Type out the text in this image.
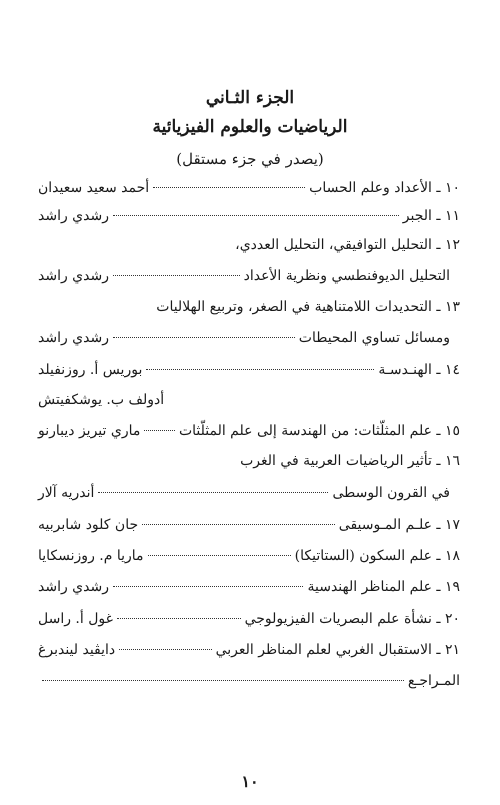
الجزء الثـاني
الرياضيات والعلوم الفيزيائية
(يصدر في جزء مستقل)
١٠ ـ الأعداد وعلم الحساب
أحمد سعيد سعيدان
١١ ـ الجبر
رشدي راشد
١٢ ـ التحليل التوافيقي، التحليل العددي،
التحليل الديوفنطسي ونظرية الأعداد
رشدي راشد
١٣ ـ التحديدات اللامتناهية في الصغر، وتربيع الهلاليات
ومسائل تساوي المحيطات
رشدي راشد
١٤ ـ الهنـدسـة
بوريس أ. روزنفيلد
أدولف ب. يوشكفيتش
١٥ ـ علم المثلّثات: من الهندسة إلى علم المثلّثات
ماري تيريز ديبارنو
١٦ ـ تأثير الرياضيات العربية في الغرب
في القرون الوسطى
أندريه آلار
١٧ ـ علـم المـوسيقى
جان كلود شابربيه
١٨ ـ علم السكون (الستاتيكا)
ماريا م. روزنسكايا
١٩ ـ علم المناظر الهندسية
رشدي راشد
٢٠ ـ نشأة علم البصريات الفيزيولوجي
غول أ. راسل
٢١ ـ الاستقبال الغربي لعلم المناظر العربي
دايڤيد ليندبرغ
المـراجـع
١٠
